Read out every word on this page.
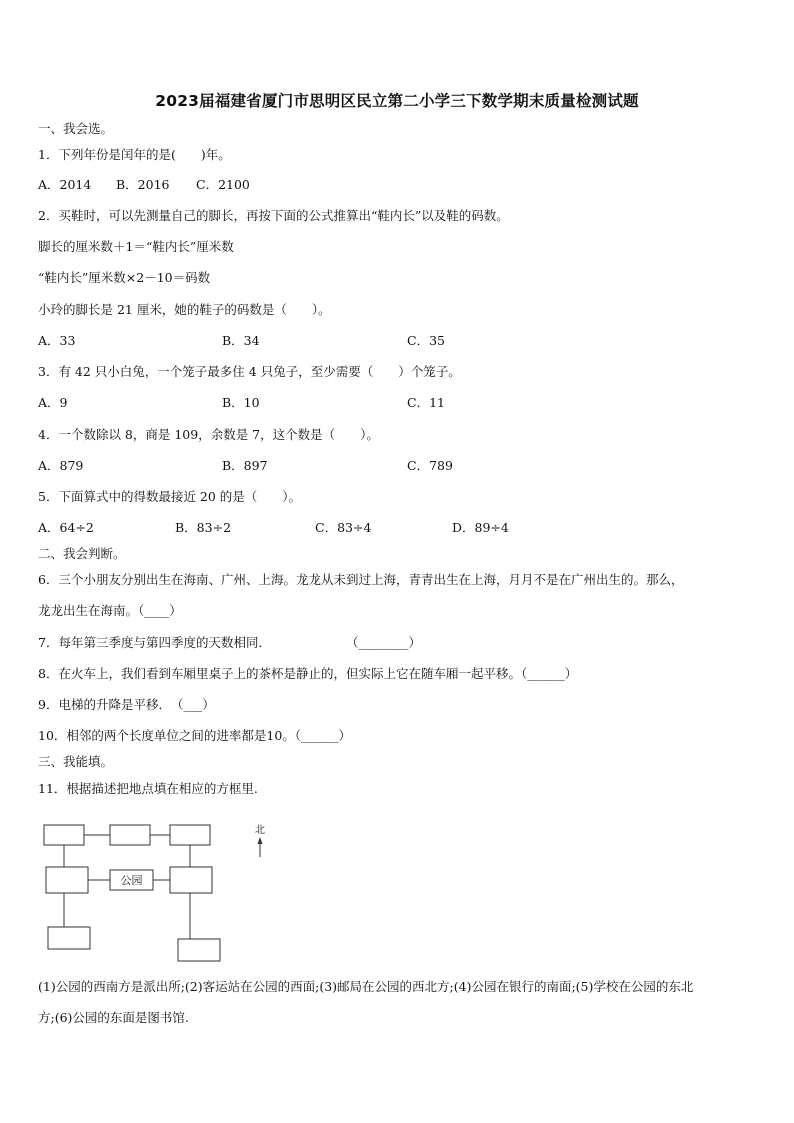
2023届福建省厦门市思明区民立第二小学三下数学期末质量检测试题
一、我会选。
1．下列年份是闰年的是(　　)年。
A．2014 B．2016 C．2100
2．买鞋时，可以先测量自己的脚长，再按下面的公式推算出“鞋内长”以及鞋的码数。
脚长的厘米数＋1＝“鞋内长”厘米数
“鞋内长”厘米数×2－10＝码数
小玲的脚长是 21 厘米，她的鞋子的码数是（　　）。
A．33	B．34	C．35
3．有 42 只小白兔，一个笼子最多住 4 只兔子，至少需要（　　）个笼子。
A．9	B．10	C．11
4．一个数除以 8，商是 109，余数是 7，这个数是（　　）。
A．879	B．897	C．789
5．下面算式中的得数最接近 20 的是（　　）。
A．64÷2	B．83÷2	C．83÷4	D．89÷4
二、我会判断。
6．三个小朋友分别出生在海南、广州、上海。龙龙从未到过上海，青青出生在上海，月月不是在广州出生的。那么，
龙龙出生在海南。（____）
7．每年第三季度与第四季度的天数相同．　　　　　　　（________）
8．在火车上，我们看到车厢里桌子上的茶杯是静止的，但实际上它在随车厢一起平移。（______）
9．电梯的升降是平移．　（___）
10．相邻的两个长度单位之间的进率都是10。（______）
三、我能填。
11．根据描述把地点填在相应的方框里.
公园
北
(1)公园的西南方是派出所;(2)客运站在公园的西面;(3)邮局在公园的西北方;(4)公园在银行的南面;(5)学校在公园的东北
方;(6)公园的东面是图书馆.
